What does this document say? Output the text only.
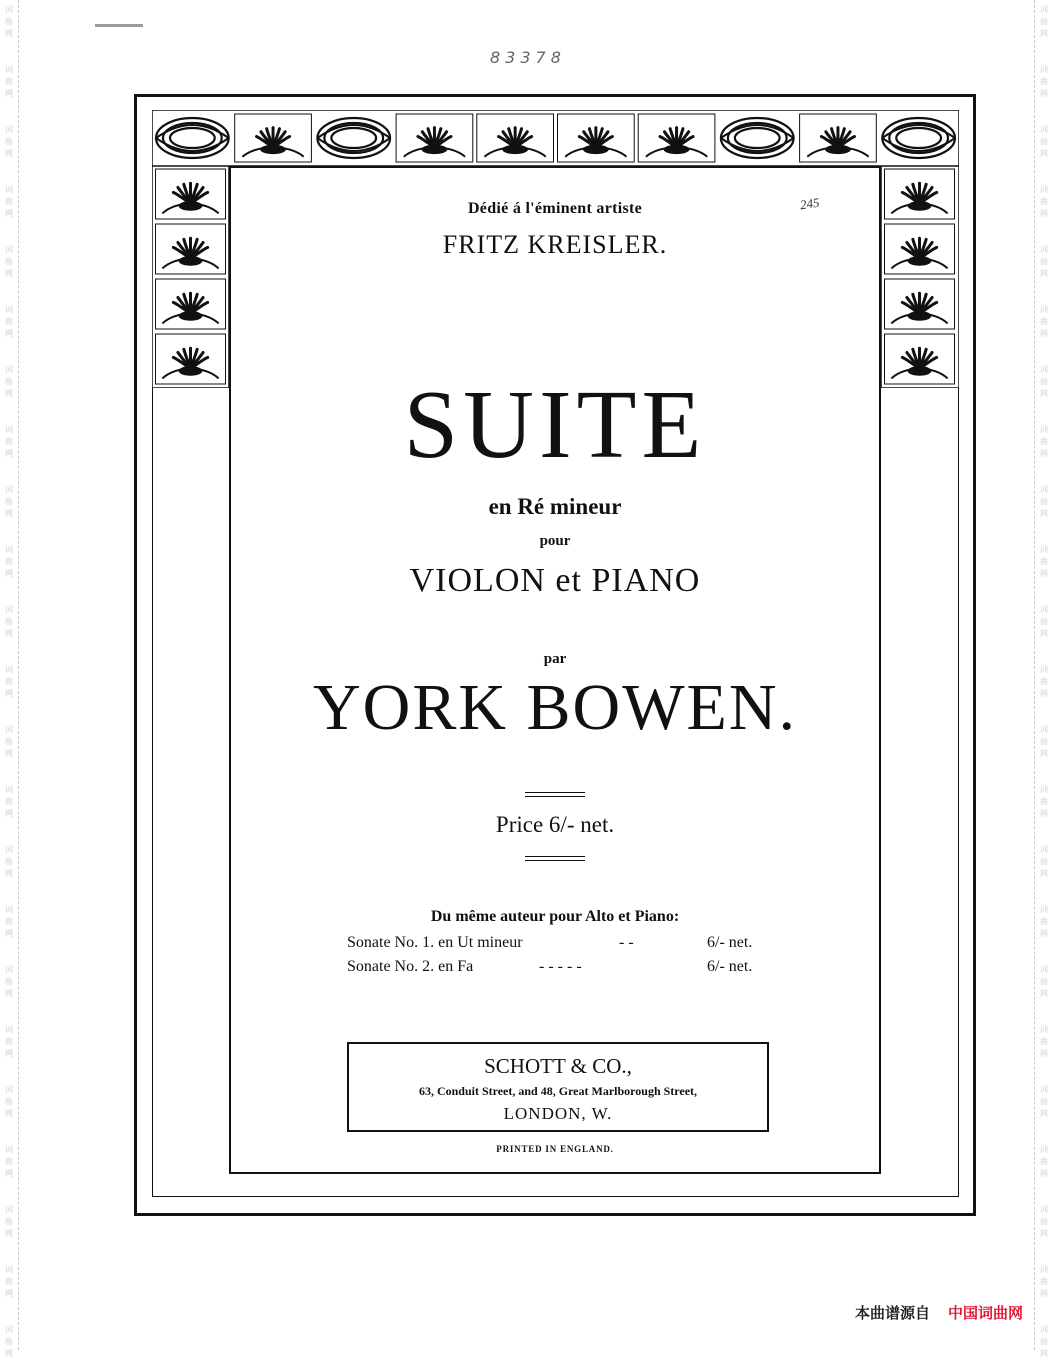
词
曲
网
词
曲
网
词
曲
网
词
曲
网
词
曲
网
词
曲
网
词
曲
网
词
曲
网
词
曲
网
词
曲
网
词
曲
网
词
曲
网
词
曲
网
词
曲
网
词
曲
网
词
曲
网
词
曲
网
词
曲
网
词
曲
网
词
曲
网
词
曲
网
词
曲
网
词
曲
网
词
曲
网
词
曲
网
词
曲
网
词
曲
网
词
曲
网
词
曲
网
词
曲
网
词
曲
网
词
曲
网
词
曲
网
词
曲
网
词
曲
网
词
曲
网
词
曲
网
词
曲
网
词
曲
网
词
曲
网
词
曲
网
词
曲
网
词
曲
网
词
曲
网
词
曲
网
词
曲
网
83378
Dédié á l'éminent artiste
FRITZ KREISLER.
SUITE
en Ré mineur
pour
VIOLON et PIANO
par
YORK BOWEN.
Price 6/- net.
Du même auteur pour Alto et Piano:
Sonate No. 1. en Ut mineur	- -	6/- net.
Sonate No. 2. en Fa	- - - - -	6/- net.
SCHOTT & CO.,
63, Conduit Street, and 48, Great Marlborough Street,
LONDON, W.
PRINTED IN ENGLAND.
245
本曲谱源自 中国词曲网
